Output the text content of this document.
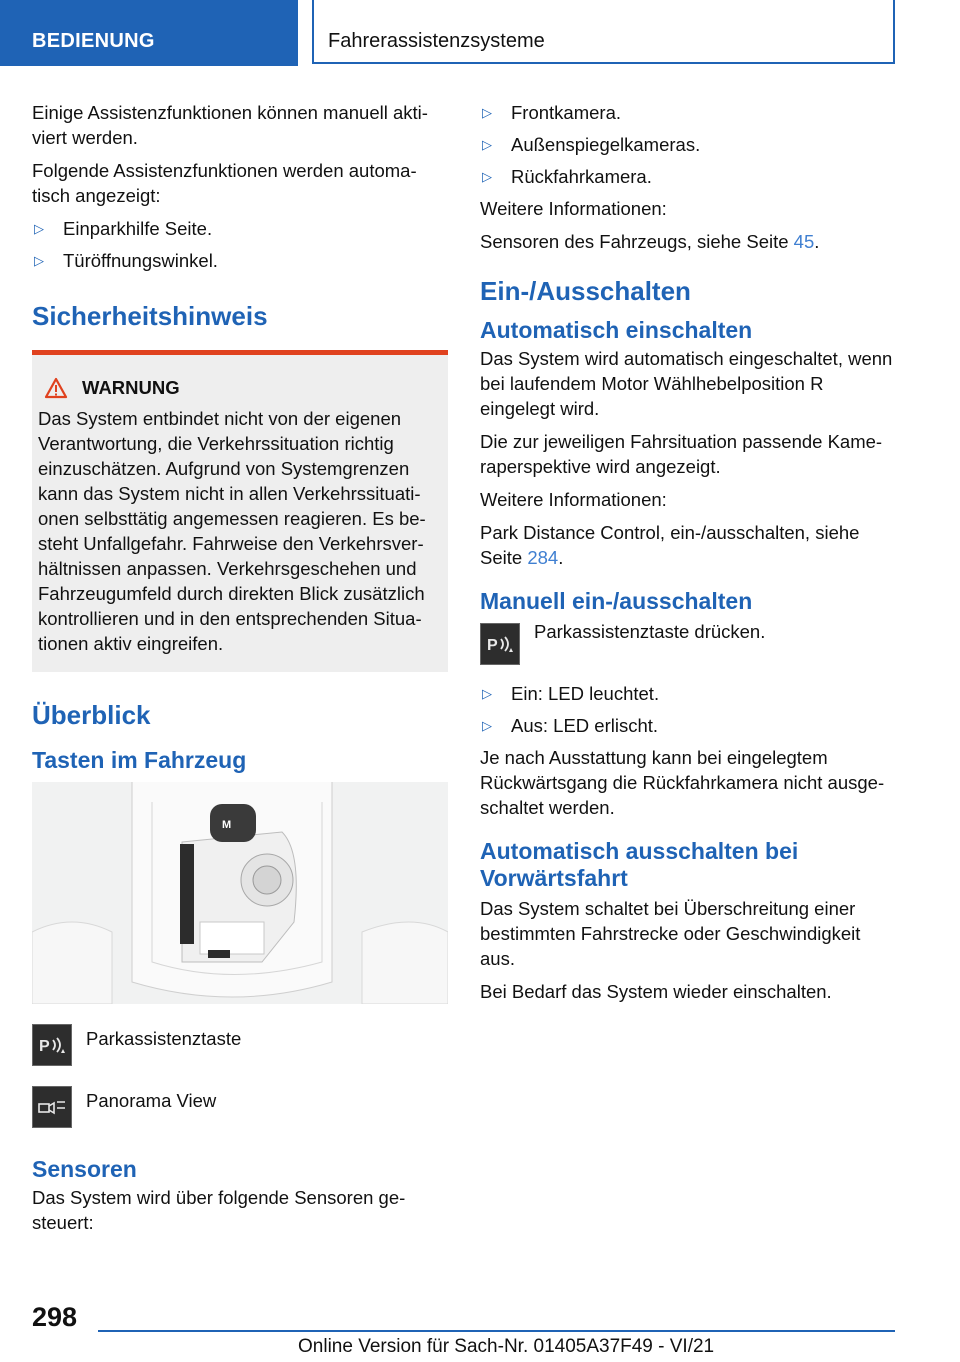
BEDIENUNG	Fahrerassistenzsysteme

Einige Assistenzfunktionen können manuell akti-viert werden.

Folgende Assistenzfunktionen werden automa-tisch angezeigt:

▷	Einparkhilfe Seite.
▷	Türöffnungswinkel.
Sicherheitshinweis
WARNUNG

Das System entbindet nicht von der eigenen Verantwortung, die Verkehrssituation richtig einzuschätzen. Aufgrund von Systemgrenzen kann das System nicht in allen Verkehrssituati-onen selbsttätig angemessen reagieren. Es be-steht Unfallgefahr. Fahrweise den Verkehrsver-hältnissen anpassen. Verkehrsgeschehen und Fahrzeugumfeld durch direkten Blick zusätzlich kontrollieren und in den entsprechenden Situa-tionen aktiv eingreifen.

Überblick
Tasten im Fahrzeug
M
P Parkassistenztaste
Panorama View
Sensoren

Das System wird über folgende Sensoren ge-steuert:

▷	Frontkamera.
▷	Außenspiegelkameras.
▷	Rückfahrkamera.

Weitere Informationen:

Sensoren des Fahrzeugs, siehe Seite 45.

Ein-/Ausschalten
Automatisch einschalten

Das System wird automatisch eingeschaltet, wenn bei laufendem Motor Wählhebelposition R eingelegt wird.

Die zur jeweiligen Fahrsituation passende Kame-raperspektive wird angezeigt.

Weitere Informationen:

Park Distance Control, ein-/ausschalten, siehe Seite 284.

Manuell ein-/ausschalten
P
Parkassistenztaste drücken.
▷	Ein: LED leuchtet.
▷	Aus: LED erlischt.

Je nach Ausstattung kann bei eingelegtem Rückwärtsgang die Rückfahrkamera nicht ausge-schaltet werden.

Automatisch ausschalten bei Vorwärtsfahrt

Das System schaltet bei Überschreitung einer bestimmten Fahrstrecke oder Geschwindigkeit aus.

Bei Bedarf das System wieder einschalten.

298
Online Version für Sach-Nr. 01405A37F49 - VI/21
